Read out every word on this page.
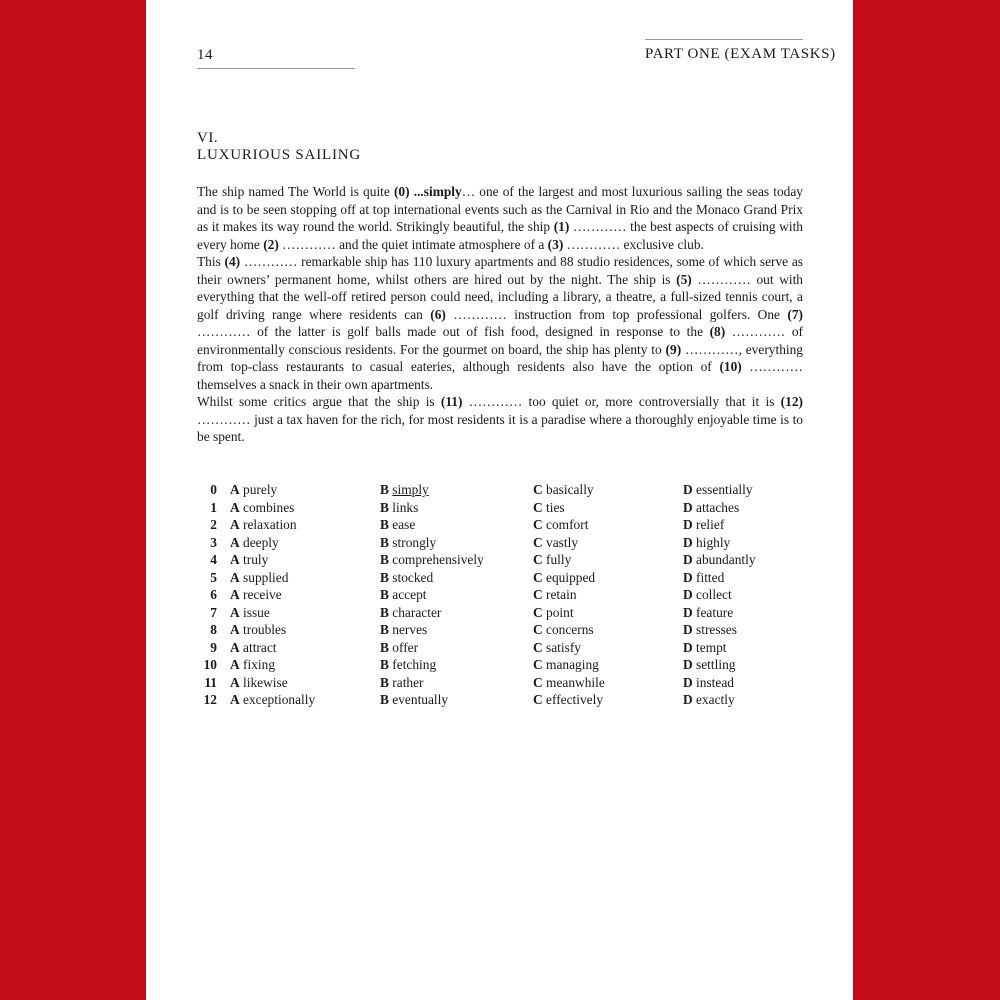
14	PART ONE (EXAM TASKS)
VI.
LUXURIOUS SAILING

The ship named The World is quite (0) ...simply… one of the largest and most luxurious sailing the seas today and is to be seen stopping off at top international events such as the Carnival in Rio and the Monaco Grand Prix as it makes its way round the world. Strikingly beautiful, the ship (1) ………… the best aspects of cruising with every home (2) ………… and the quiet intimate atmosphere of a (3) ………… exclusive club.

This (4) ………… remarkable ship has 110 luxury apartments and 88 studio residences, some of which serve as their owners’ permanent home, whilst others are hired out by the night. The ship is (5) ………… out with everything that the well-off retired person could need, including a library, a theatre, a full-sized tennis court, a golf driving range where residents can (6) ………… instruction from top professional golfers. One (7) ………… of the latter is golf balls made out of fish food, designed in response to the (8) ………… of environmentally conscious residents. For the gourmet on board, the ship has plenty to (9) …………, everything from top-class restaurants to casual eateries, although residents also have the option of (10) ………… themselves a snack in their own apartments.

Whilst some critics argue that the ship is (11) ………… too quiet or, more controversially that it is (12) ………… just a tax haven for the rich, for most residents it is a paradise where a thoroughly enjoyable time is to be spent.

0	A purely	B simply	C basically	D essentially
1	A combines	B links	C ties	D attaches
2	A relaxation	B ease	C comfort	D relief
3	A deeply	B strongly	C vastly	D highly
4	A truly	B comprehensively	C fully	D abundantly
5	A supplied	B stocked	C equipped	D fitted
6	A receive	B accept	C retain	D collect
7	A issue	B character	C point	D feature
8	A troubles	B nerves	C concerns	D stresses
9	A attract	B offer	C satisfy	D tempt
10	A fixing	B fetching	C managing	D settling
11	A likewise	B rather	C meanwhile	D instead
12	A exceptionally	B eventually	C effectively	D exactly
